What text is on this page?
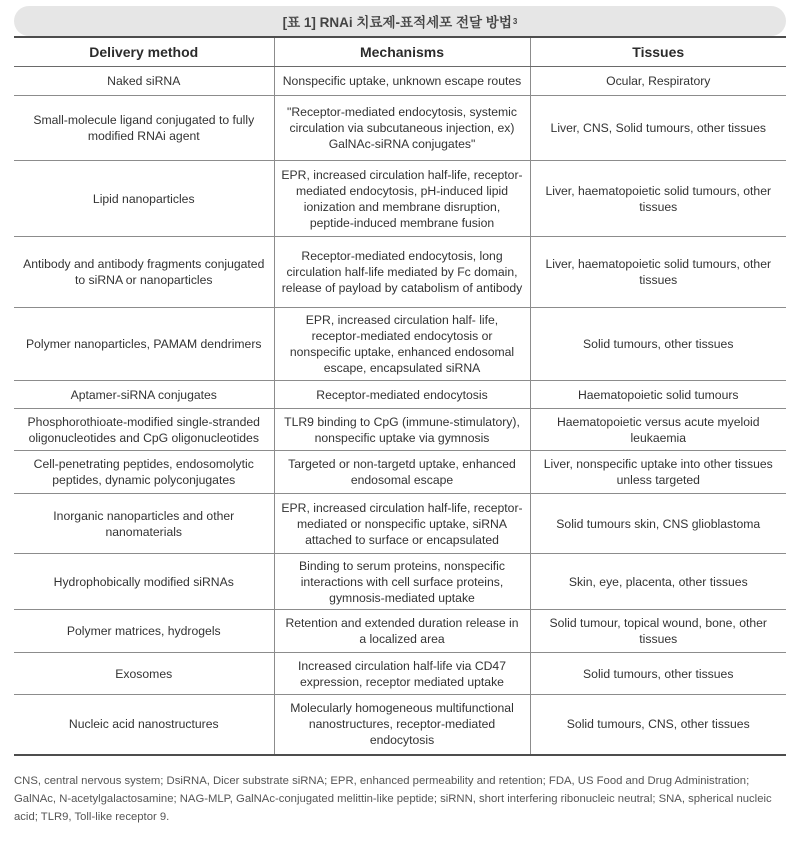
[표 1] RNAi 치료제-표적세포 전달 방법 3
Delivery method	Mechanisms	Tissues
Naked siRNA	Nonspecific uptake, unknown escape routes	Ocular, Respiratory
Small-molecule ligand conjugated to fully modified RNAi agent	"Receptor-mediated endocytosis, systemic circulation via subcutaneous injection, ex) GalNAc-siRNA conjugates"	Liver, CNS, Solid tumours, other tissues
Lipid nanoparticles	EPR, increased circulation half-life, receptor-mediated endocytosis, pH-induced lipid ionization and membrane disruption, peptide-induced membrane fusion	Liver, haematopoietic solid tumours, other tissues
Antibody and antibody fragments conjugated to siRNA or nanoparticles	Receptor-mediated endocytosis, long circulation half-life mediated by Fc domain, release of payload by catabolism of antibody	Liver, haematopoietic solid tumours, other tissues
Polymer nanoparticles, PAMAM dendrimers	EPR, increased circulation half- life, receptor-mediated endocytosis or nonspecific uptake, enhanced endosomal escape, encapsulated siRNA	Solid tumours, other tissues
Aptamer-siRNA conjugates	Receptor-mediated endocytosis	Haematopoietic solid tumours
Phosphorothioate-modified single-stranded oligonucleotides and CpG oligonucleotides	TLR9 binding to CpG (immune-stimulatory), nonspecific uptake via gymnosis	Haematopoietic versus acute myeloid leukaemia
Cell-penetrating peptides, endosomolytic peptides, dynamic polyconjugates	Targeted or non-targetd uptake, enhanced endosomal escape	Liver, nonspecific uptake into other tissues unless targeted
Inorganic nanoparticles and other nanomaterials	EPR, increased circulation half-life, receptor-mediated or nonspecific uptake, siRNA attached to surface or encapsulated	Solid tumours skin, CNS glioblastoma
Hydrophobically modified siRNAs	Binding to serum proteins, nonspecific interactions with cell surface proteins, gymnosis-mediated uptake	Skin, eye, placenta, other tissues
Polymer matrices, hydrogels	Retention and extended duration release in a localized area	Solid tumour, topical wound, bone, other tissues
Exosomes	Increased circulation half-life via CD47 expression, receptor mediated uptake	Solid tumours, other tissues
Nucleic acid nanostructures	Molecularly homogeneous multifunctional nanostructures, receptor-mediated endocytosis	Solid tumours, CNS, other tissues
CNS, central nervous system; DsiRNA, Dicer substrate siRNA; EPR, enhanced permeability and retention; FDA, US Food and Drug Administration; GalNAc, N-acetylgalactosamine; NAG-MLP, GalNAc-conjugated melittin-like peptide; siRNN, short interfering ribonucleic neutral; SNA, spherical nucleic acid; TLR9, Toll-like receptor 9.
